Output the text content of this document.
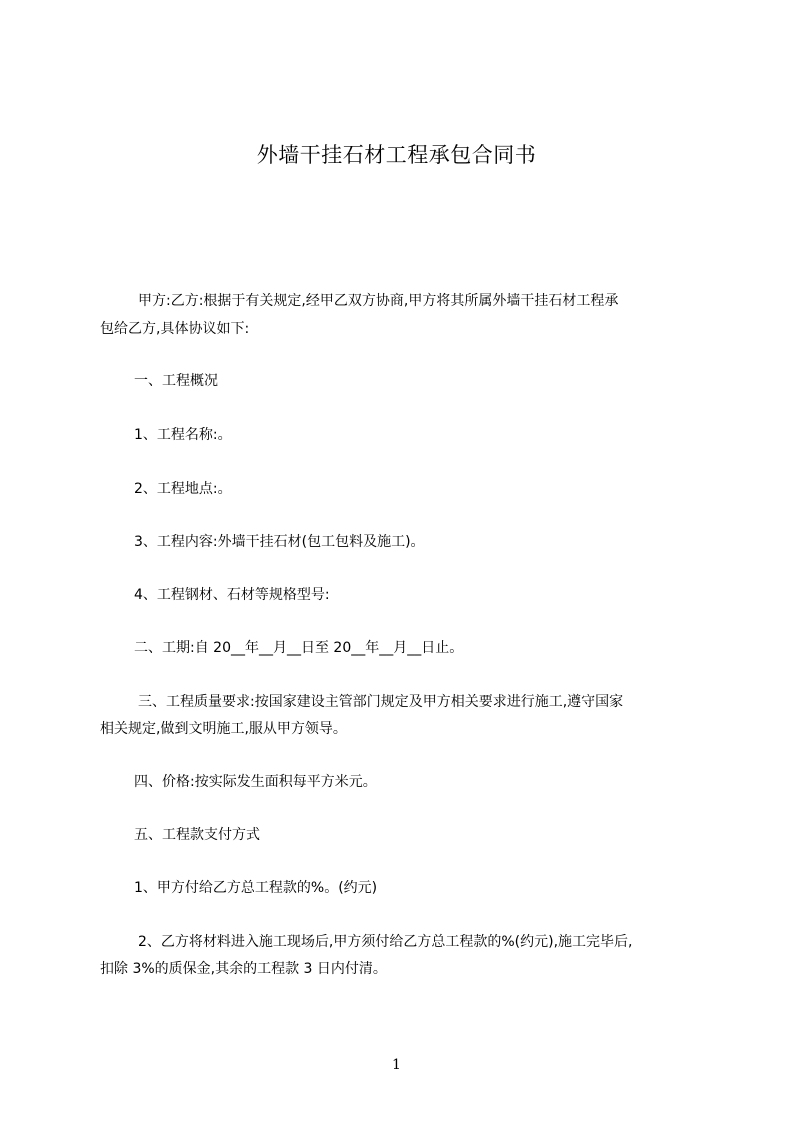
外墙干挂石材工程承包合同书
甲方:乙方:根据于有关规定,经甲乙双方协商,甲方将其所属外墙干挂石材工程承
包给乙方,具体协议如下:
一、工程概况
1、工程名称:。
2、工程地点:。
3、工程内容:外墙干挂石材(包工包料及施工)。
4、工程钢材、石材等规格型号:
二、工期:自 20__年__月__日至 20__年__月__日止。
三、工程质量要求:按国家建设主管部门规定及甲方相关要求进行施工,遵守国家
相关规定,做到文明施工,服从甲方领导。
四、价格:按实际发生面积每平方米元。
五、工程款支付方式
1、甲方付给乙方总工程款的%。(约元)
2、乙方将材料进入施工现场后,甲方须付给乙方总工程款的%(约元),施工完毕后,
扣除 3%的质保金,其余的工程款 3 日内付清。
1
